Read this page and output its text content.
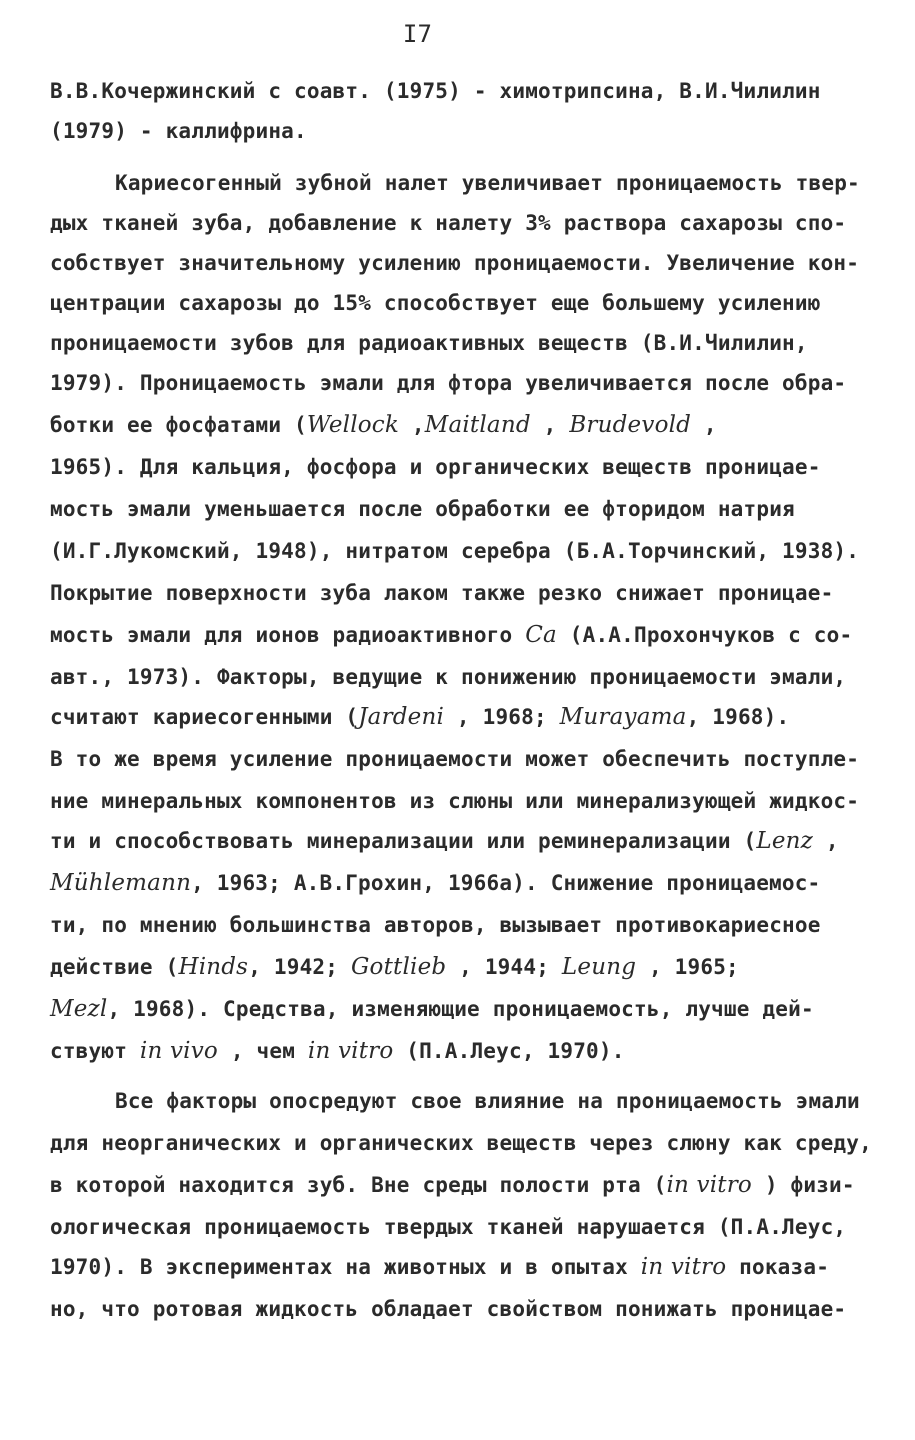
I7
В.В.Кочержинский с соавт. (1975) - химотрипсина, В.И.Чилилин
(1979) - каллифрина.
Кариесогенный зубной налет увеличивает проницаемость твер-
дых тканей зуба, добавление к налету 3% раствора сахарозы спо-
собствует значительному усилению проницаемости. Увеличение кон-
центрации сахарозы до 15% способствует еще большему усилению
проницаемости зубов для радиоактивных веществ (В.И.Чилилин,
1979). Проницаемость эмали для фтора увеличивается после обра-
ботки ее фосфатами (Wellock ,Maitland , Brudevold ,
1965). Для кальция, фосфора и органических веществ проницае-
мость эмали уменьшается после обработки ее фторидом натрия
(И.Г.Лукомский, 1948), нитратом серебра (Б.А.Торчинский, 1938).
Покрытие поверхности зуба лаком также резко снижает проницае-
мость эмали для ионов радиоактивного Ca (А.А.Прохончуков с со-
авт., 1973). Факторы, ведущие к понижению проницаемости эмали,
считают кариесогенными (Jardeni , 1968; Murayama, 1968).
В то же время усиление проницаемости может обеспечить поступле-
ние минеральных компонентов из слюны или минерализующей жидкос-
ти и способствовать минерализации или реминерализации (Lenz ,
Mühlemann, 1963; А.В.Грохин, 1966а). Снижение проницаемос-
ти, по мнению большинства авторов, вызывает противокариесное
действие (Hinds, 1942; Gottlieb , 1944; Leung , 1965;
Mezl, 1968). Средства, изменяющие проницаемость, лучше дей-
ствуют in vivo , чем in vitro (П.А.Леус, 1970).
Все факторы опосредуют свое влияние на проницаемость эмали
для неорганических и органических веществ через слюну как среду,
в которой находится зуб. Вне среды полости рта (in vitro ) физи-
ологическая проницаемость твердых тканей нарушается (П.А.Леус,
1970). В экспериментах на животных и в опытах in vitro показа-
но, что ротовая жидкость обладает свойством понижать проницае-
